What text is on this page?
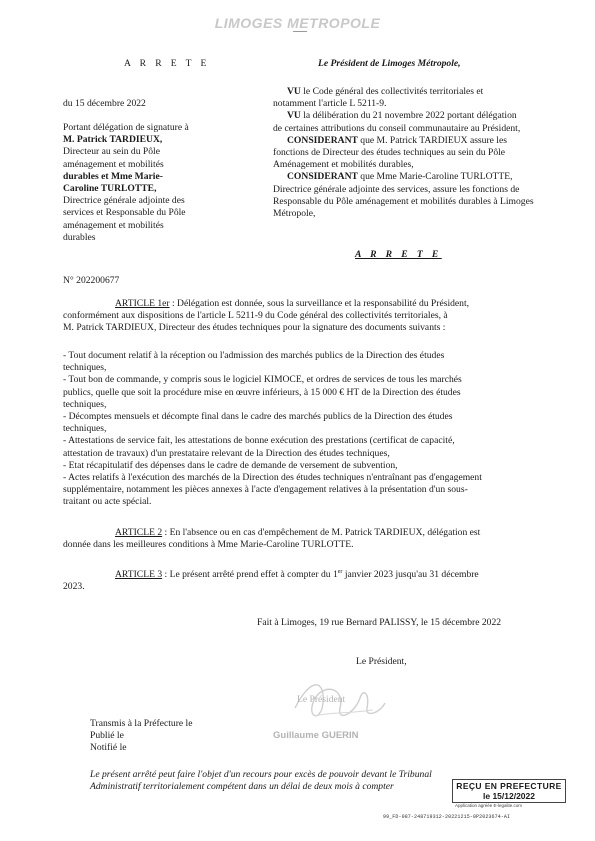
LIMOGES METROPOLE
A R R E T E	Le Président de Limoges Métropole,
du 15 décembre 2022
Portant délégation de signature à
M. Patrick TARDIEUX,
Directeur au sein du Pôle
aménagement et mobilités
durables et Mme Marie-
Caroline TURLOTTE,
Directrice générale adjointe des
services et Responsable du Pôle
aménagement et mobilités
durables
VU le Code général des collectivités territoriales et
notamment l'article L 5211-9.
VU la délibération du 21 novembre 2022 portant délégation
de certaines attributions du conseil communautaire au Président,
CONSIDERANT que M. Patrick TARDIEUX assure les
fonctions de Directeur des études techniques au sein du Pôle
Aménagement et mobilités durables,
CONSIDERANT que Mme Marie-Caroline TURLOTTE,
Directrice générale adjointe des services, assure les fonctions de
Responsable du Pôle aménagement et mobilités durables à Limoges
Métropole,
A R R E T E
N° 202200677
ARTICLE 1er : Délégation est donnée, sous la surveillance et la responsabilité du Président,
conformément aux dispositions de l'article L 5211-9 du Code général des collectivités territoriales, à
M. Patrick TARDIEUX, Directeur des études techniques pour la signature des documents suivants :
- Tout document relatif à la réception ou l'admission des marchés publics de la Direction des études
techniques,
- Tout bon de commande, y compris sous le logiciel KIMOCE, et ordres de services de tous les marchés
publics, quelle que soit la procédure mise en œuvre inférieurs, à 15 000 € HT de la Direction des études
techniques,
- Décomptes mensuels et décompte final dans le cadre des marchés publics de la Direction des études
techniques,
- Attestations de service fait, les attestations de bonne exécution des prestations (certificat de capacité,
attestation de travaux) d'un prestataire relevant de la Direction des études techniques,
- Etat récapitulatif des dépenses dans le cadre de demande de versement de subvention,
- Actes relatifs à l'exécution des marchés de la Direction des études techniques n'entraînant pas d'engagement
supplémentaire, notamment les pièces annexes à l'acte d'engagement relatives à la présentation d'un sous-
traitant ou acte spécial.
ARTICLE 2 : En l'absence ou en cas d'empêchement de M. Patrick TARDIEUX, délégation est
donnée dans les meilleures conditions à Mme Marie-Caroline TURLOTTE.
ARTICLE 3 : Le présent arrêté prend effet à compter du 1er janvier 2023 jusqu'au 31 décembre
2023.
Fait à Limoges, 19 rue Bernard PALISSY, le 15 décembre 2022
Le Président,
Le Président
Guillaume GUERIN
Transmis à la Préfecture le
Publié le
Notifié le
Le présent arrêté peut faire l'objet d'un recours pour excès de pouvoir devant le Tribunal
Administratif territorialement compétent dans un délai de deux mois à compter	REÇU EN PREFECTURE
le 15/12/2022
Application agréée E-legalite.com
99_FD-087-248719312-20221215-0P2023674-AI
